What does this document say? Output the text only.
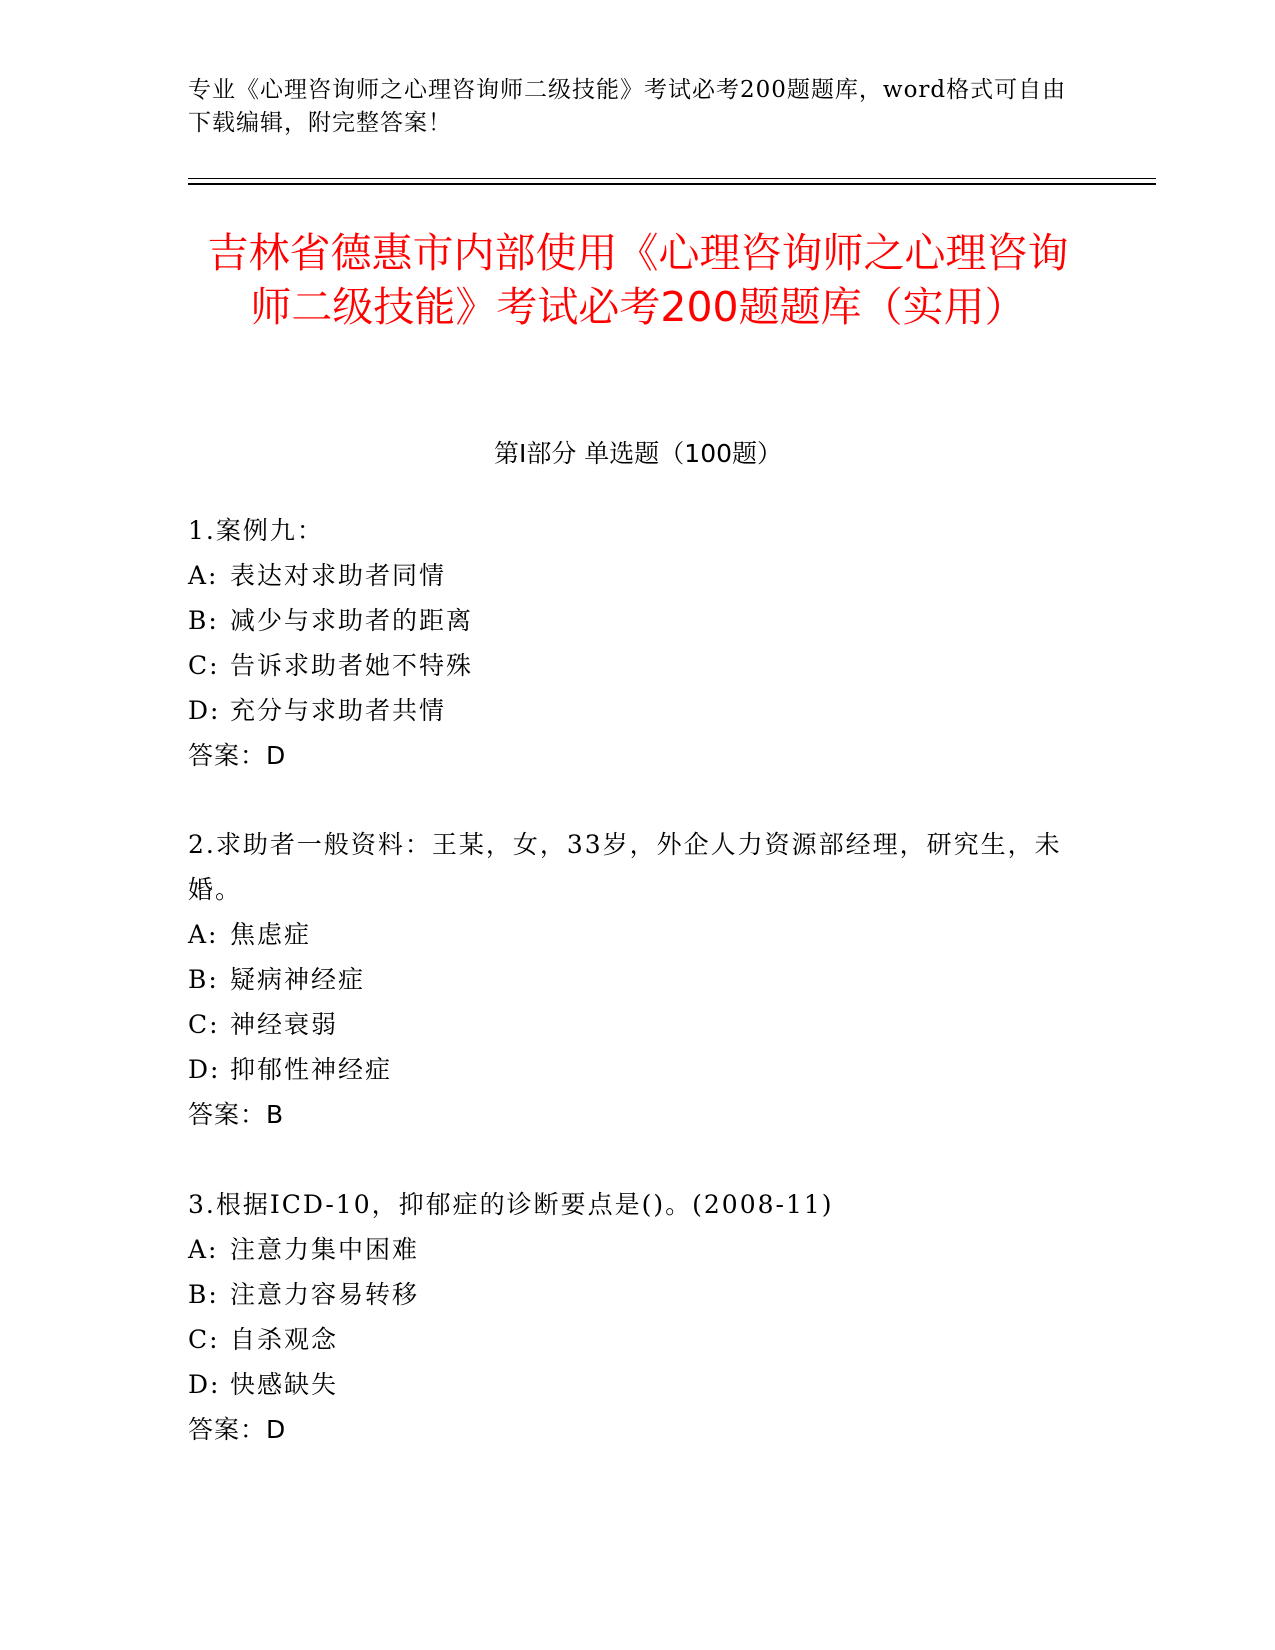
专业《心理咨询师之心理咨询师二级技能》考试必考200题题库，word格式可自由下载编辑，附完整答案！
吉林省德惠市内部使用《心理咨询师之心理咨询师二级技能》考试必考200题题库（实用）
第Ⅰ部分 单选题（100题）

1.案例九：

A: 表达对求助者同情

B: 减少与求助者的距离

C: 告诉求助者她不特殊

D: 充分与求助者共情

答案：D

2.求助者一般资料：王某，女，33岁，外企人力资源部经理，研究生，未婚。

A: 焦虑症

B: 疑病神经症

C: 神经衰弱

D: 抑郁性神经症

答案：B

3.根据ICD-10，抑郁症的诊断要点是()。(2008-11)

A: 注意力集中困难

B: 注意力容易转移

C: 自杀观念

D: 快感缺失

答案：D
